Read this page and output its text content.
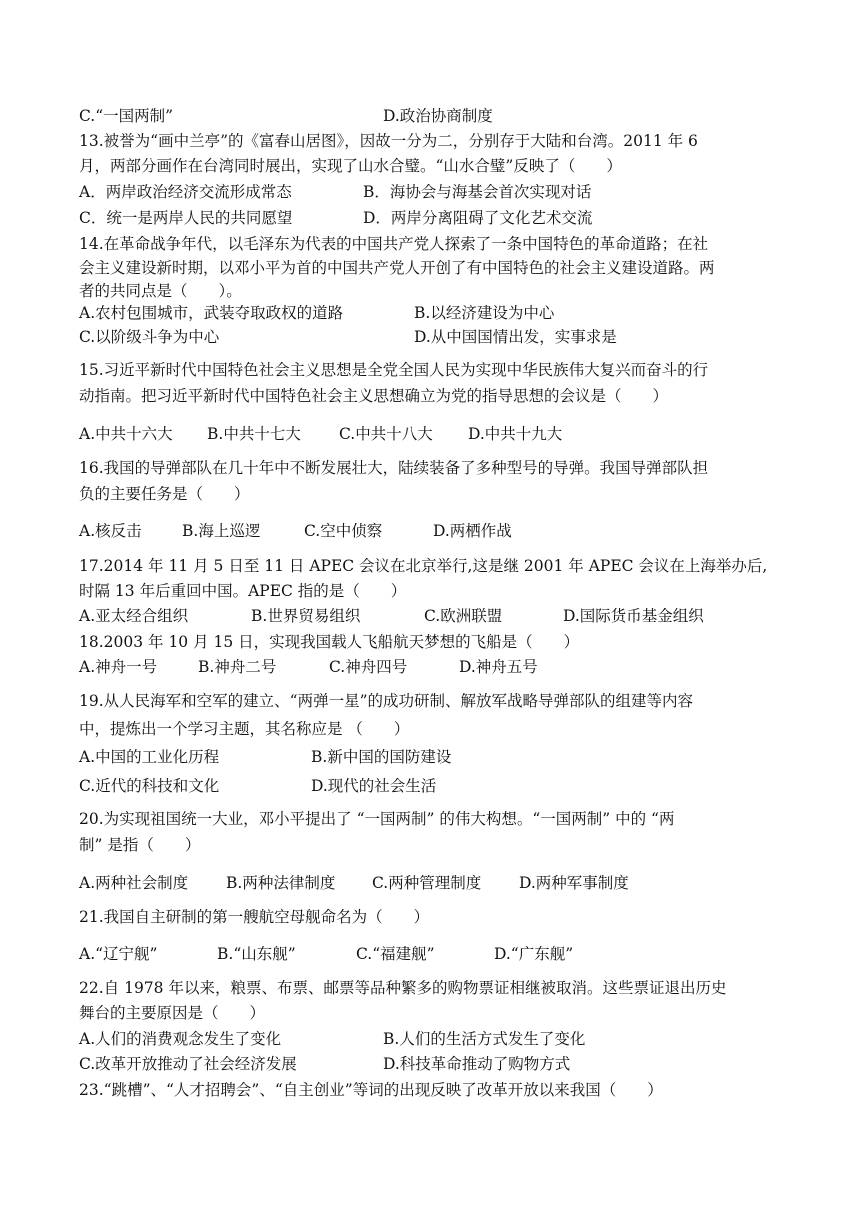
C.“一国两制”	D.政治协商制度
13.被誉为“画中兰亭”的《富春山居图》，因故一分为二，分别存于大陆和台湾。2011 年 6
月，两部分画作在台湾同时展出，实现了山水合璧。“山水合璧”反映了（　　）
A．两岸政治经济交流形成常态	B．海协会与海基会首次实现对话
C．统一是两岸人民的共同愿望	D．两岸分离阻碍了文化艺术交流
14.在革命战争年代，以毛泽东为代表的中国共产党人探索了一条中国特色的革命道路；在社
会主义建设新时期，以邓小平为首的中国共产党人开创了有中国特色的社会主义建设道路。两
者的共同点是（　　）。
A.农村包围城市，武装夺取政权的道路	B.以经济建设为中心
C.以阶级斗争为中心	D.从中国国情出发，实事求是
15.习近平新时代中国特色社会主义思想是全党全国人民为实现中华民族伟大复兴而奋斗的行
动指南。把习近平新时代中国特色社会主义思想确立为党的指导思想的会议是（　　）
A.中共十六大 B.中共十七大 C.中共十八大 D.中共十九大
16.我国的导弹部队在几十年中不断发展壮大，陆续装备了多种型号的导弹。我国导弹部队担
负的主要任务是（　　）
A.核反击	B.海上巡逻	C.空中侦察	D.两栖作战
17.2014 年 11 月 5 日至 11 日 APEC 会议在北京举行,这是继 2001 年 APEC 会议在上海举办后,
时隔 13 年后重回中国。APEC 指的是（　　）
A.亚太经合组织	B.世界贸易组织	C.欧洲联盟	D.国际货币基金组织
18.2003 年 10 月 15 日，实现我国载人飞船航天梦想的飞船是（　　）
A.神舟一号	B.神舟二号	C.神舟四号	D.神舟五号
19.从人民海军和空军的建立、“两弹一星”的成功研制、解放军战略导弹部队的组建等内容
中，提炼出一个学习主题，其名称应是 （　　）
A.中国的工业化历程	B.新中国的国防建设
C.近代的科技和文化	D.现代的社会生活
20.为实现祖国统一大业，邓小平提出了 “一国两制” 的伟大构想。“一国两制” 中的 “两
制” 是指（　　）
A.两种社会制度 B.两种法律制度 C.两种管理制度 D.两种军事制度
21.我国自主研制的第一艘航空母舰命名为（　　）
A.“辽宁舰”	B.“山东舰”	C.“福建舰”	D.“广东舰”
22.自 1978 年以来，粮票、布票、邮票等品种繁多的购物票证相继被取消。这些票证退出历史
舞台的主要原因是（　　）
A.人们的消费观念发生了变化	B.人们的生活方式发生了变化
C.改革开放推动了社会经济发展	D.科技革命推动了购物方式
23.“跳槽”、“人才招聘会”、“自主创业”等词的出现反映了改革开放以来我国（　　）
